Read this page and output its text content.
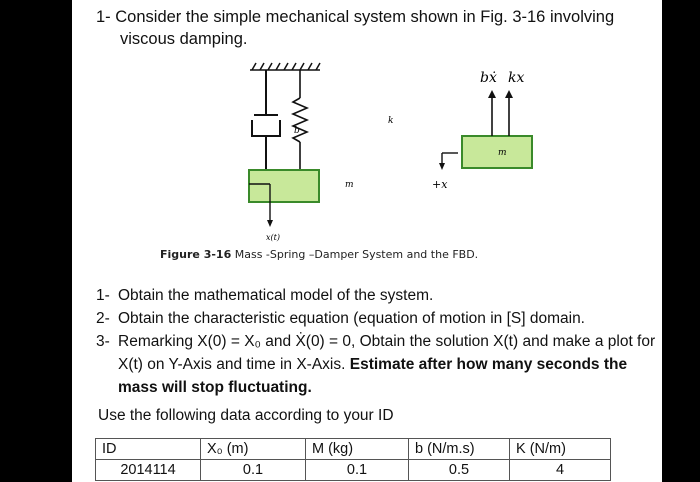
1- Consider the simple mechanical system shown in Fig. 3-16 involving
viscous damping.
b
k
m
x(t)
+x
m
bẋ kx
Figure 3-16 Mass -Spring –Damper System and the FBD.
1- Obtain the mathematical model of the system.
2- Obtain the characteristic equation (equation of motion in [S] domain.
3- Remarking X(0) = X₀ and Ẋ(0) = 0, Obtain the solution X(t) and make a plot for X(t) on Y-Axis and time in X-Axis. Estimate after how many seconds the mass will stop fluctuating.
Use the following data according to your ID
ID	X₀ (m)	M (kg)	b (N/m.s)	K (N/m)
2014114	0.1	0.1	0.5	4
